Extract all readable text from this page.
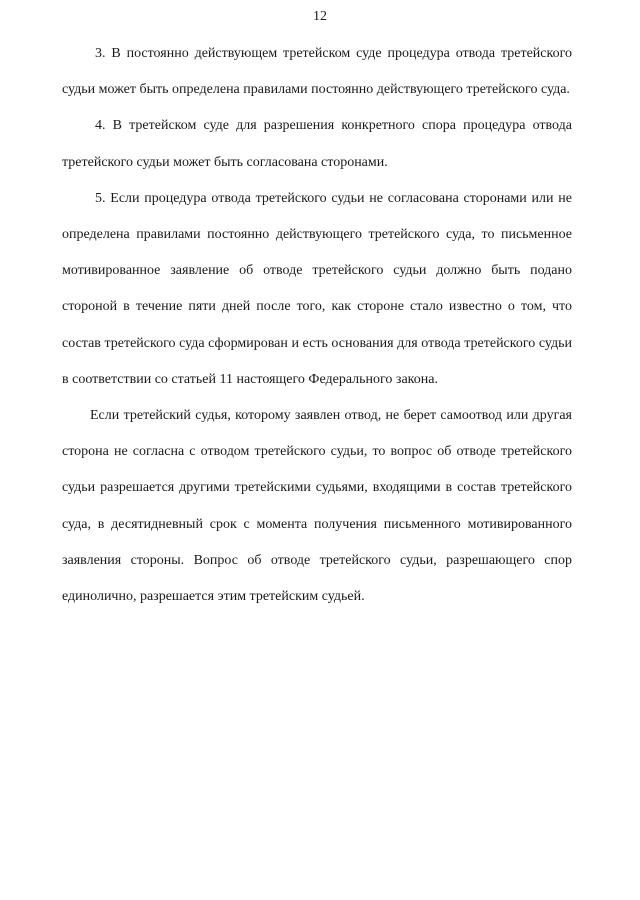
12

3. В постоянно действующем третейском суде процедура отвода третейского судьи может быть определена правилами постоянно действующего третейского суда.

4. В третейском суде для разрешения конкретного спора процедура отвода третейского судьи может быть согласована сторонами.

5. Если процедура отвода третейского судьи не согласована сторонами или не определена правилами постоянно действующего третейского суда, то письменное мотивированное заявление об отводе третейского судьи должно быть подано стороной в течение пяти дней после того, как стороне стало известно о том, что состав третейского суда сформирован и есть основания для отвода третейского судьи в соответствии со статьей 11 настоящего Федерального закона.

Если третейский судья, которому заявлен отвод, не берет самоотвод или другая сторона не согласна с отводом третейского судьи, то вопрос об отводе третейского судьи разрешается другими третейскими судьями, входящими в состав третейского суда, в десятидневный срок с момента получения письменного мотивированного заявления стороны. Вопрос об отводе третейского судьи, разрешающего спор единолично, разрешается этим третейским судьей.
